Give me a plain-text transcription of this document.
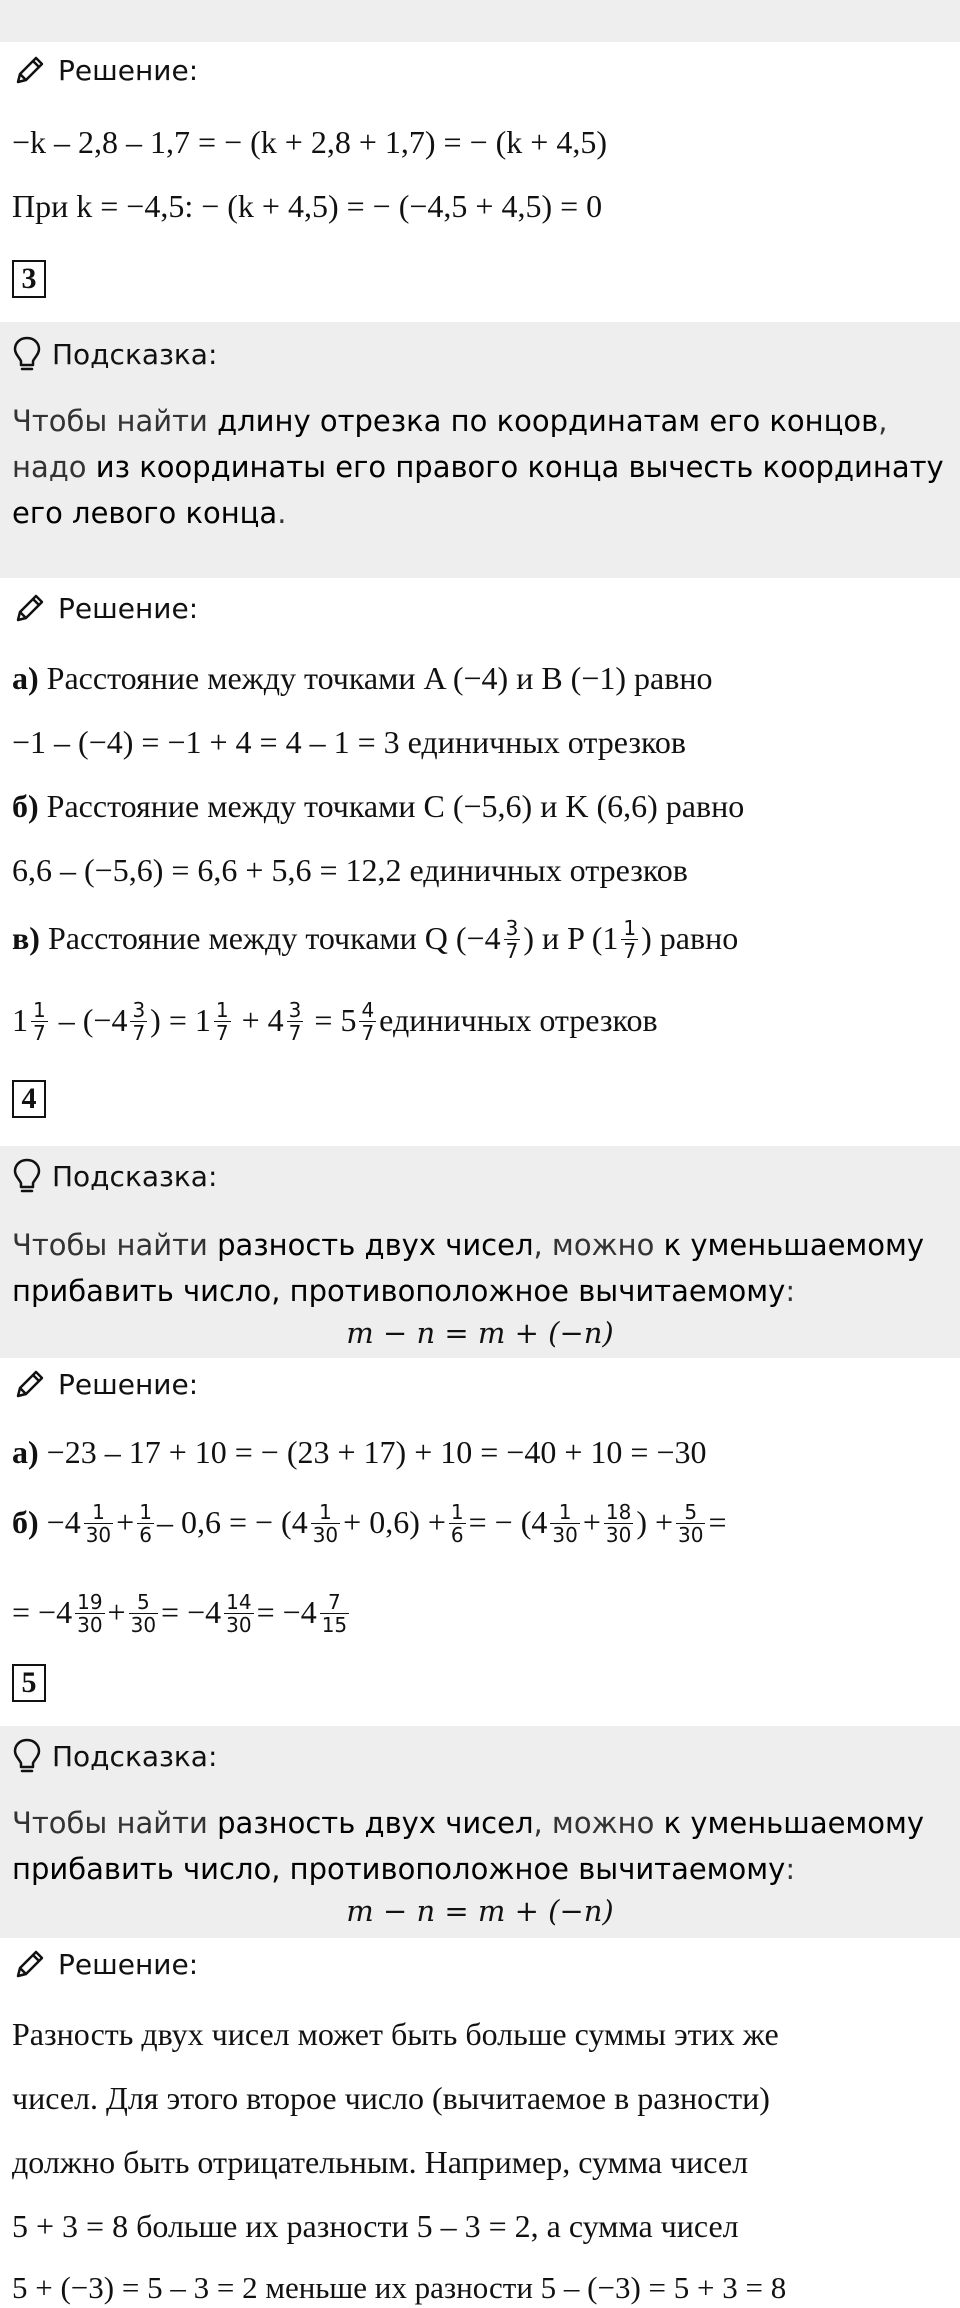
Решение:
−k – 2,8 – 1,7 = − (k + 2,8 + 1,7) = − (k + 4,5)
При k = −4,5: − (k + 4,5) = − (−4,5 + 4,5) = 0
3
Подсказка:
Чтобы найти длину отрезка по координатам его концов, надо из координаты его правого конца вычесть координату его левого конца.
Решение:
а) Расстояние между точками A (−4) и B (−1) равно
−1 – (−4) = −1 + 4 = 4 – 1 = 3 единичных отрезков
б) Расстояние между точками C (−5,6) и K (6,6) равно
6,6 – (−5,6) = 6,6 + 5,6 = 12,2 единичных отрезков
в) Расстояние между точками Q ($-4 \frac{3}{7}$ ) и P ($1 \frac{1}{7}$ ) равно
$1 \frac{1}{7} - (-4 \frac{3}{7}$ ) = $1 \frac{1}{7} + 4 \frac{3}{7} = 5 \frac{4}{7}$ единичных отрезков
4
Подсказка:
Чтобы найти разность двух чисел, можно к уменьшаемому прибавить число, противоположное вычитаемому:
m − n = m + (−n)
Решение:
а) −23 – 17 + 10 = − (23 + 17) + 10 = −40 + 10 = −30
$б) -4 \frac{1}{30} + \frac{1}{6} - 0,6$ = − $(4 \frac{1}{30} + 0,6) + \frac{1}{6}$ = − ($4 \frac{1}{30} + \frac{18}{30}$ ) + $\frac{5}{30}$ =
= $-4 \frac{19}{30} + \frac{5}{30} = -4 \frac{14}{30} = -4 \frac{7}{15}$
5
Подсказка:
Чтобы найти разность двух чисел, можно к уменьшаемому прибавить число, противоположное вычитаемому:
m − n = m + (−n)
Решение:
Разность двух чисел может быть больше суммы этих же
чисел. Для этого второе число (вычитаемое в разности)
должно быть отрицательным. Например, сумма чисел
5 + 3 = 8 больше их разности 5 – 3 = 2, а сумма чисел
5 + (−3) = 5 – 3 = 2 меньше их разности 5 – (−3) = 5 + 3 = 8
